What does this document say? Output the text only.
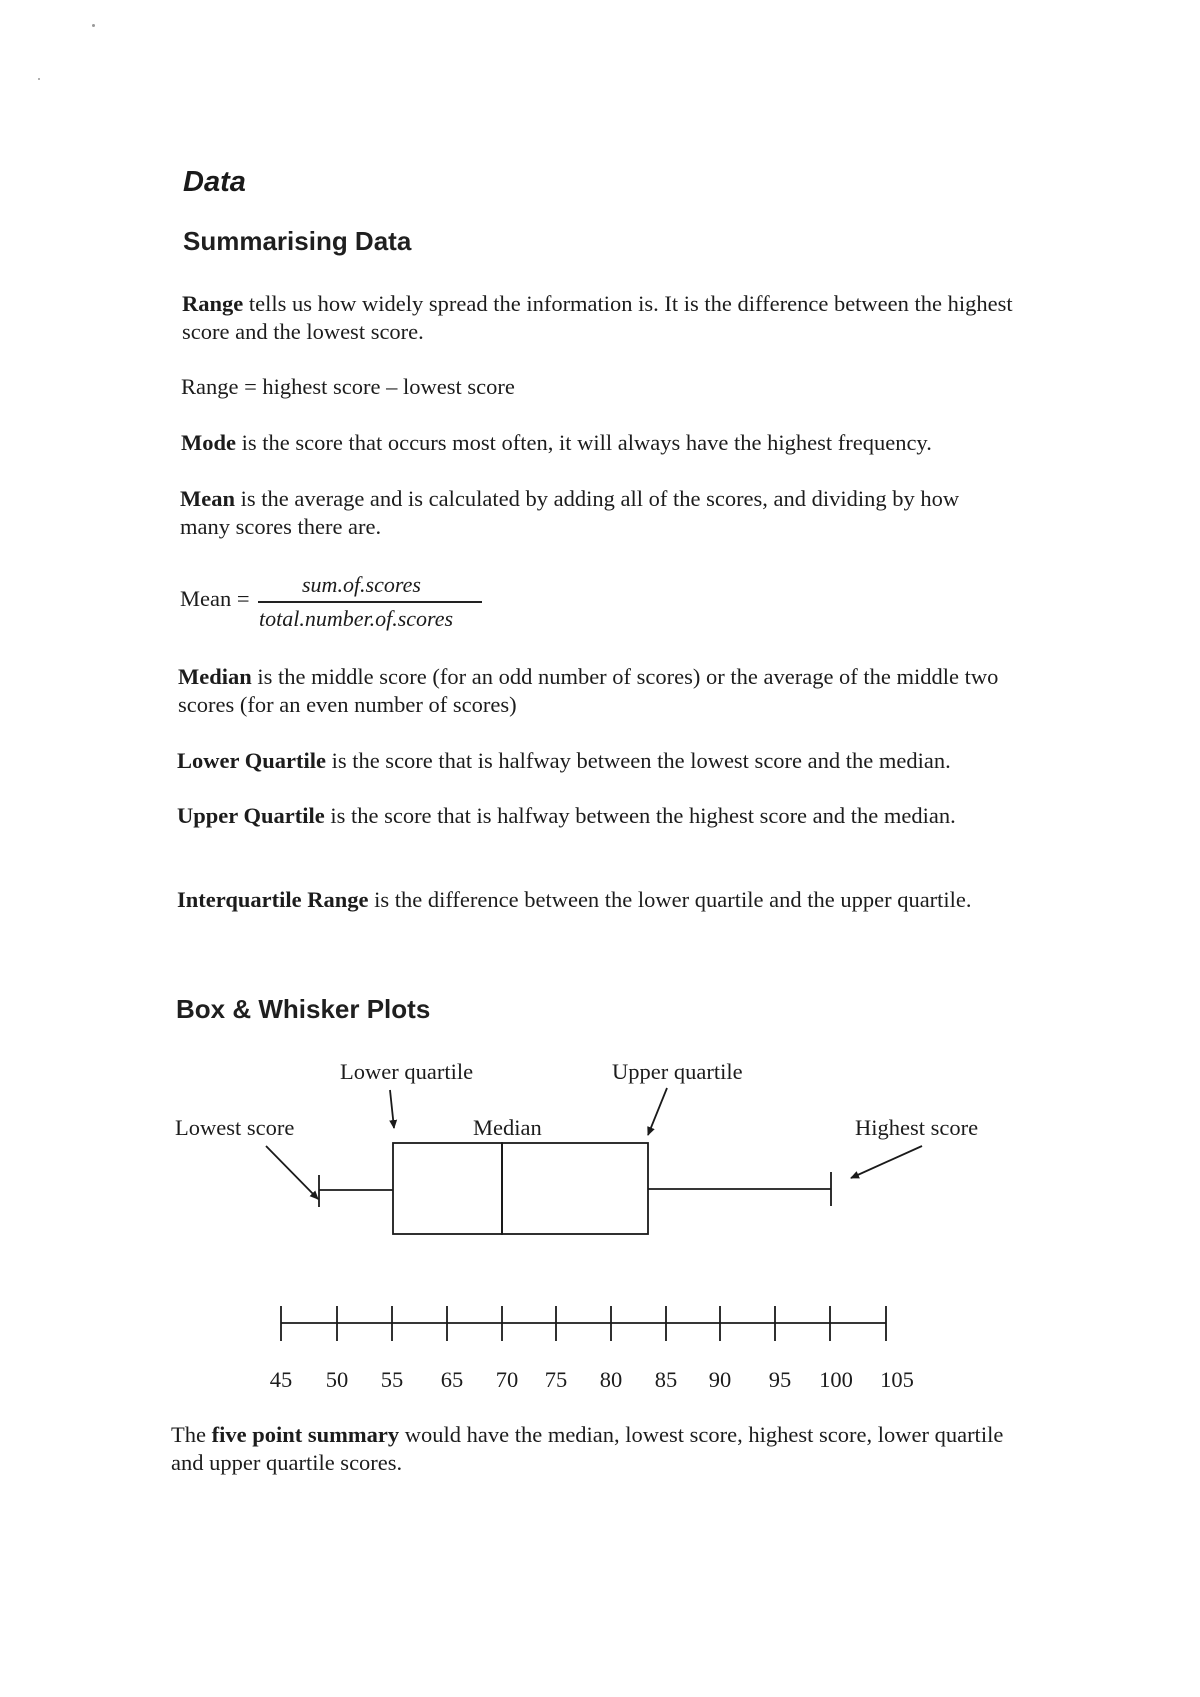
Data
Summarising Data

Range tells us how widely spread the information is. It is the difference between the highest score and the lowest score.

Range = highest score – lowest score

Mode is the score that occurs most often, it will always have the highest frequency.

Mean is the average and is calculated by adding all of the scores, and dividing by how many scores there are.

Mean =
sum.of.scores
total.number.of.scores

Median is the middle score (for an odd number of scores) or the average of the middle two scores (for an even number of scores)

Lower Quartile is the score that is halfway between the lowest score and the median.

Upper Quartile is the score that is halfway between the highest score and the median.

Interquartile Range is the difference between the lower quartile and the upper quartile.

Box & Whisker Plots
Lower quartile	Upper quartile
Lowest score	Median	Highest score
45 50 55 65 70 75 80 85 90 95 100 105

The five point summary would have the median, lowest score, highest score, lower quartile and upper quartile scores.
